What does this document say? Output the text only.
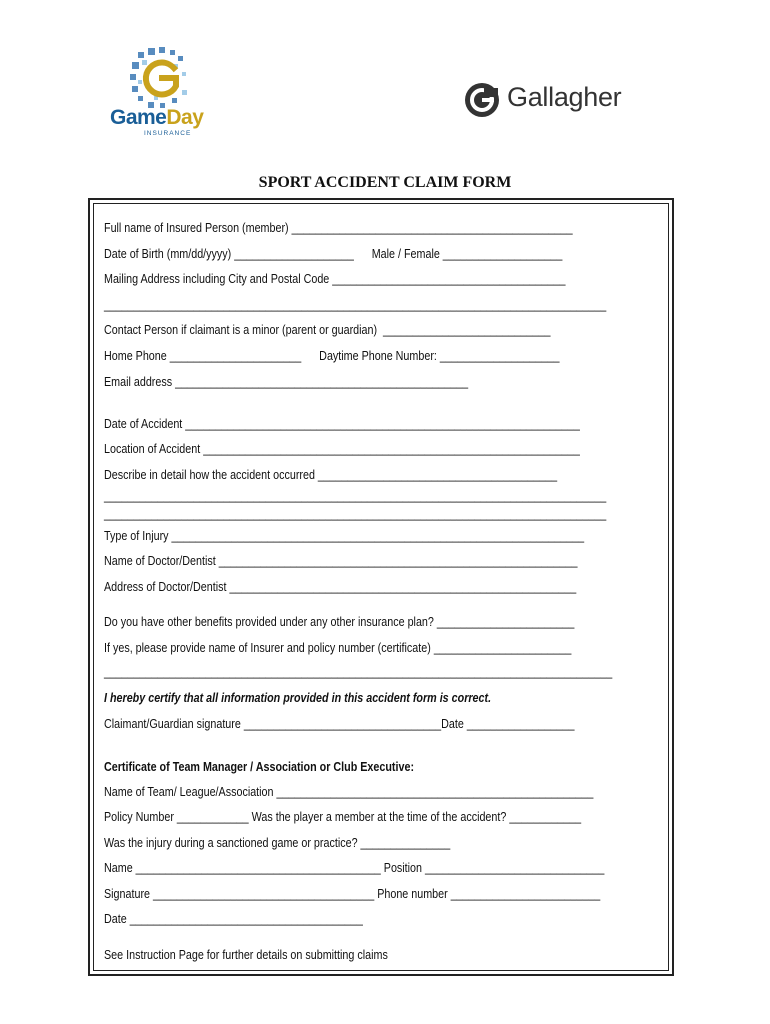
GameDay
INSURANCE
Gallagher
SPORT ACCIDENT CLAIM FORM
Full name of Insured Person (member) _______________________________________________
Date of Birth (mm/dd/yyyy) ____________________      Male / Female ____________________
Mailing Address including City and Postal Code _______________________________________
____________________________________________________________________________________
Contact Person if claimant is a minor (parent or guardian)  ____________________________
Home Phone ______________________      Daytime Phone Number: ____________________
Email address _________________________________________________
Date of Accident __________________________________________________________________
Location of Accident _______________________________________________________________
Describe in detail how the accident occurred ________________________________________
____________________________________________________________________________________
____________________________________________________________________________________
Type of Injury _____________________________________________________________________
Name of Doctor/Dentist ____________________________________________________________
Address of Doctor/Dentist __________________________________________________________
Do you have other benefits provided under any other insurance plan? _______________________
If yes, please provide name of Insurer and policy number (certificate) _______________________
_____________________________________________________________________________________
I hereby certify that all information provided in this accident form is correct.
Claimant/Guardian signature _________________________________Date __________________
Certificate of Team Manager / Association or Club Executive:
Name of Team/ League/Association _____________________________________________________
Policy Number ____________ Was the player a member at the time of the accident? ____________
Was the injury during a sanctioned game or practice? _______________
Name _________________________________________ Position ______________________________
Signature _____________________________________ Phone number _________________________
Date _______________________________________
See Instruction Page for further details on submitting claims
